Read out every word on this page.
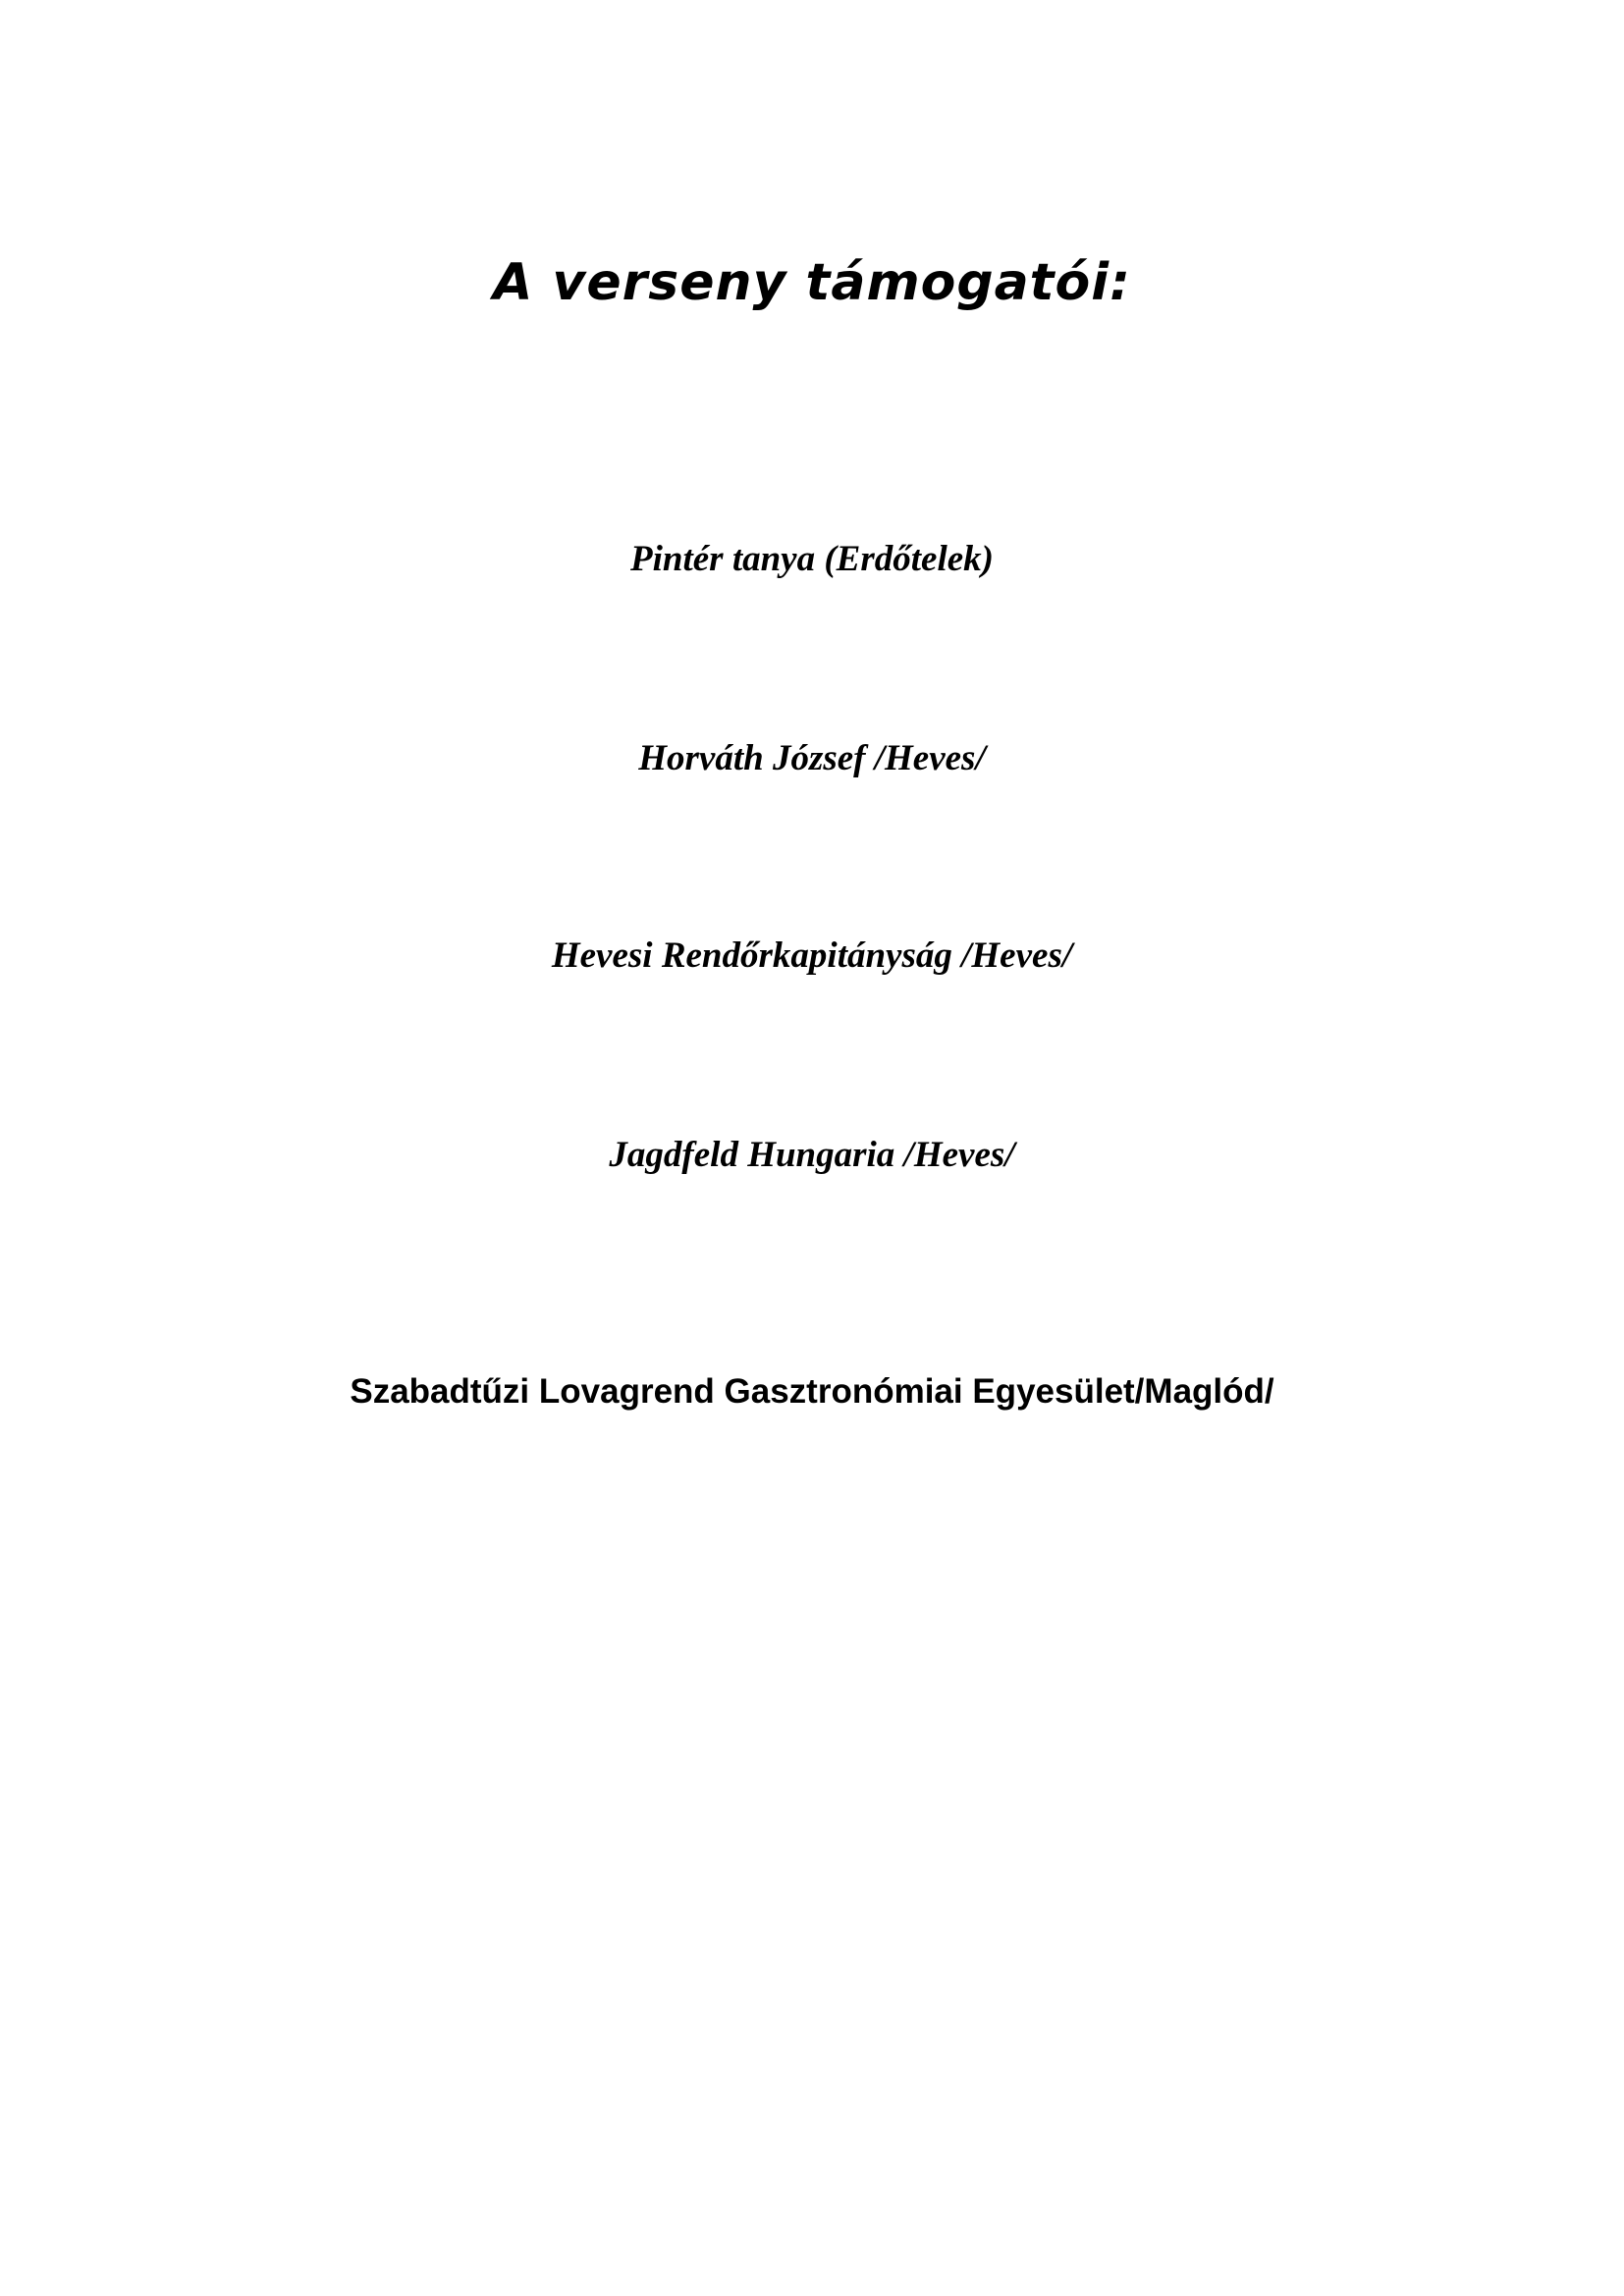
A verseny támogatói:

Pintér tanya (Erdőtelek)

Horváth József /Heves/

Hevesi Rendőrkapitányság /Heves/

Jagdfeld Hungaria /Heves/

Szabadtűzi Lovagrend Gasztronómiai Egyesület/Maglód/
